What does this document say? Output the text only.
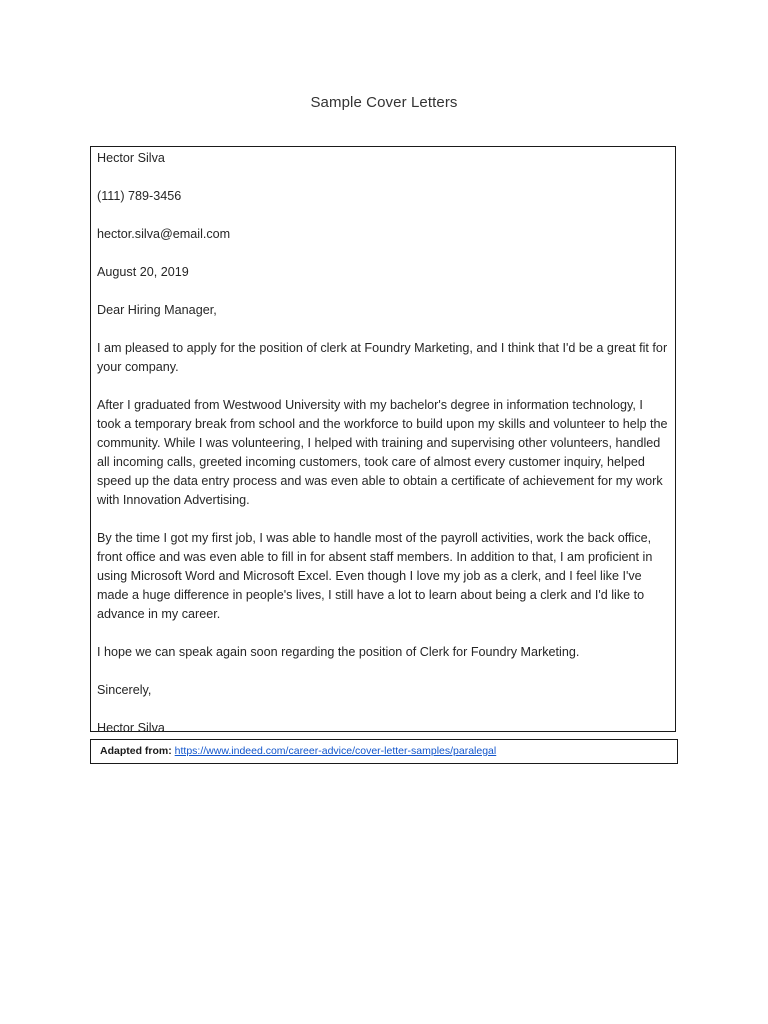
Sample Cover Letters

Hector Silva

(111) 789-3456

hector.silva@email.com

August 20, 2019

Dear Hiring Manager,

I am pleased to apply for the position of clerk at Foundry Marketing, and I think that I'd be a great fit for your company.

After I graduated from Westwood University with my bachelor's degree in information technology, I took a temporary break from school and the workforce to build upon my skills and volunteer to help the community. While I was volunteering, I helped with training and supervising other volunteers, handled all incoming calls, greeted incoming customers, took care of almost every customer inquiry, helped speed up the data entry process and was even able to obtain a certificate of achievement for my work with Innovation Advertising.

By the time I got my first job, I was able to handle most of the payroll activities, work the back office, front office and was even able to fill in for absent staff members. In addition to that, I am proficient in using Microsoft Word and Microsoft Excel. Even though I love my job as a clerk, and I feel like I've made a huge difference in people's lives, I still have a lot to learn about being a clerk and I'd like to advance in my career.

I hope we can speak again soon regarding the position of Clerk for Foundry Marketing.

Sincerely,

Hector Silva

Adapted from: https://www.indeed.com/career-advice/cover-letter-samples/paralegal
